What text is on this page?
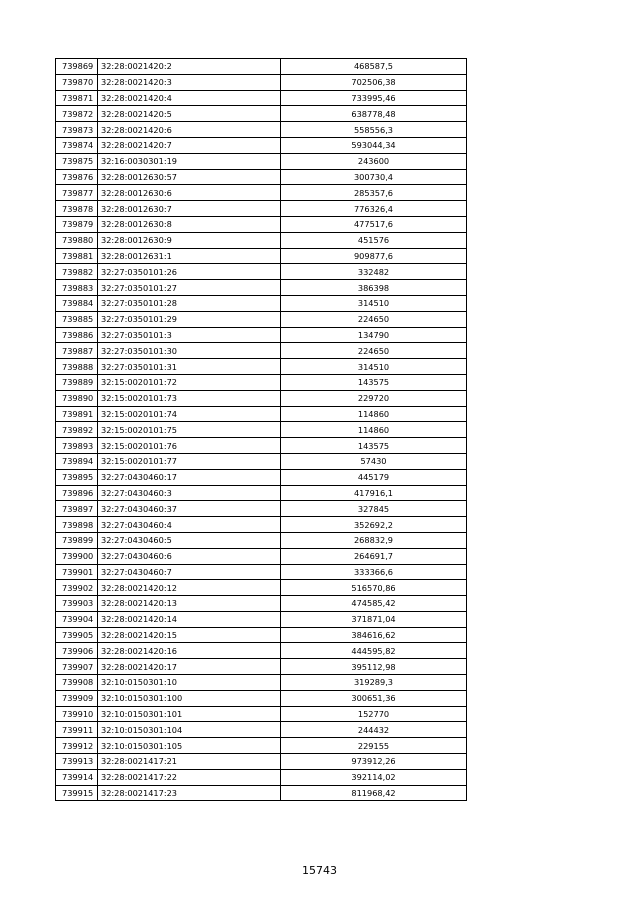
739869	32:28:0021420:2	468587,5
739870	32:28:0021420:3	702506,38
739871	32:28:0021420:4	733995,46
739872	32:28:0021420:5	638778,48
739873	32:28:0021420:6	558556,3
739874	32:28:0021420:7	593044,34
739875	32:16:0030301:19	243600
739876	32:28:0012630:57	300730,4
739877	32:28:0012630:6	285357,6
739878	32:28:0012630:7	776326,4
739879	32:28:0012630:8	477517,6
739880	32:28:0012630:9	451576
739881	32:28:0012631:1	909877,6
739882	32:27:0350101:26	332482
739883	32:27:0350101:27	386398
739884	32:27:0350101:28	314510
739885	32:27:0350101:29	224650
739886	32:27:0350101:3	134790
739887	32:27:0350101:30	224650
739888	32:27:0350101:31	314510
739889	32:15:0020101:72	143575
739890	32:15:0020101:73	229720
739891	32:15:0020101:74	114860
739892	32:15:0020101:75	114860
739893	32:15:0020101:76	143575
739894	32:15:0020101:77	57430
739895	32:27:0430460:17	445179
739896	32:27:0430460:3	417916,1
739897	32:27:0430460:37	327845
739898	32:27:0430460:4	352692,2
739899	32:27:0430460:5	268832,9
739900	32:27:0430460:6	264691,7
739901	32:27:0430460:7	333366,6
739902	32:28:0021420:12	516570,86
739903	32:28:0021420:13	474585,42
739904	32:28:0021420:14	371871,04
739905	32:28:0021420:15	384616,62
739906	32:28:0021420:16	444595,82
739907	32:28:0021420:17	395112,98
739908	32:10:0150301:10	319289,3
739909	32:10:0150301:100	300651,36
739910	32:10:0150301:101	152770
739911	32:10:0150301:104	244432
739912	32:10:0150301:105	229155
739913	32:28:0021417:21	973912,26
739914	32:28:0021417:22	392114,02
739915	32:28:0021417:23	811968,42
15743
